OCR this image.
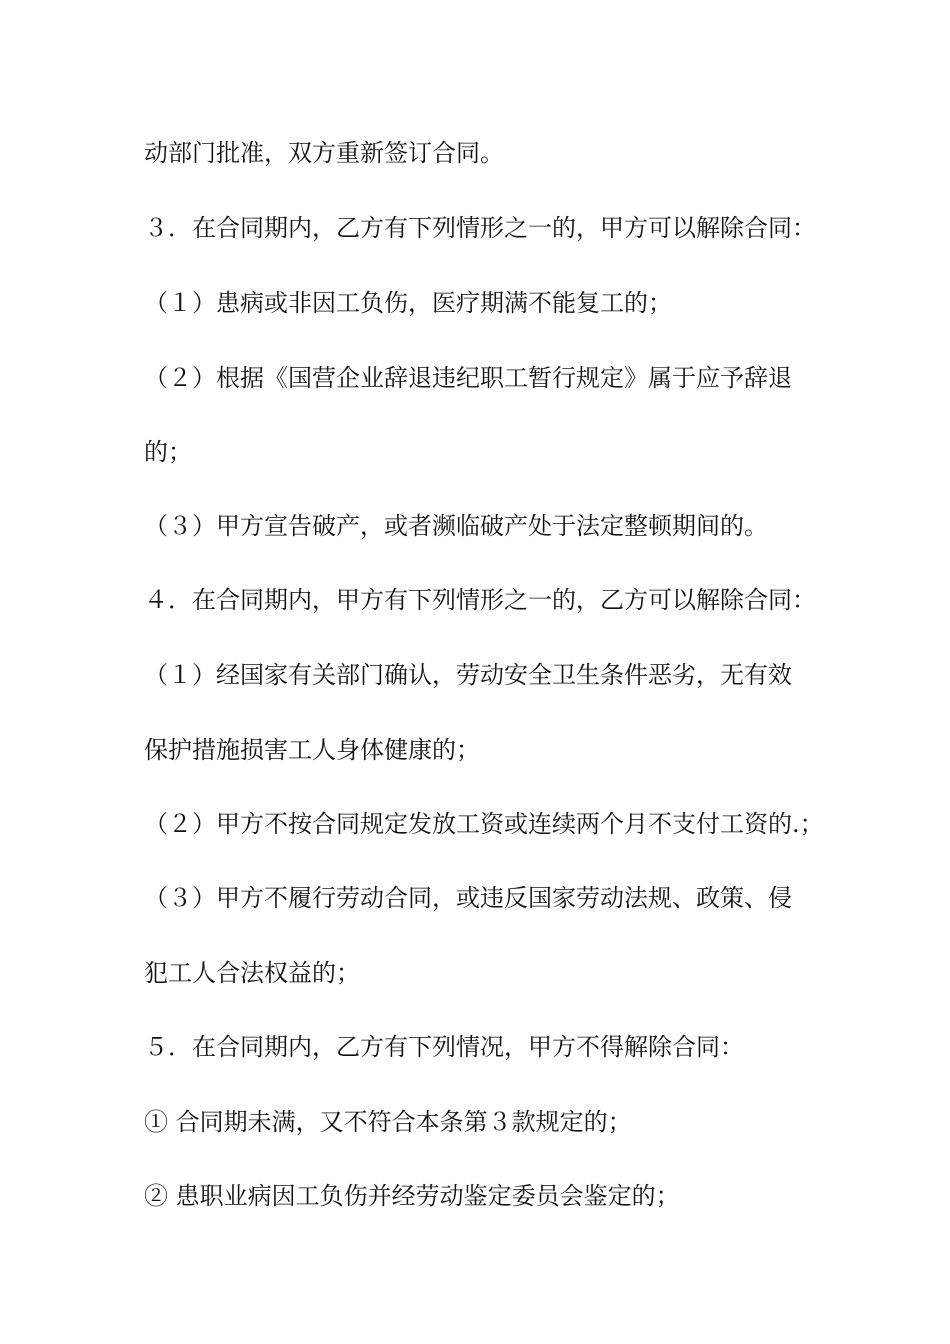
动部门批准，双方重新签订合同。
３．在合同期内，乙方有下列情形之一的，甲方可以解除合同：
（１）患病或非因工负伤，医疗期满不能复工的；
（２）根据《国营企业辞退违纪职工暂行规定》属于应予辞退
的；
（３）甲方宣告破产，或者濒临破产处于法定整顿期间的。
４．在合同期内，甲方有下列情形之一的，乙方可以解除合同：
（１）经国家有关部门确认，劳动安全卫生条件恶劣，无有效
保护措施损害工人身体健康的；
（２）甲方不按合同规定发放工资或连续两个月不支付工资的.；
（３）甲方不履行劳动合同，或违反国家劳动法规、政策、侵
犯工人合法权益的；
５．在合同期内，乙方有下列情况，甲方不得解除合同：
① 合同期未满，又不符合本条第３款规定的；
② 患职业病因工负伤并经劳动鉴定委员会鉴定的；
